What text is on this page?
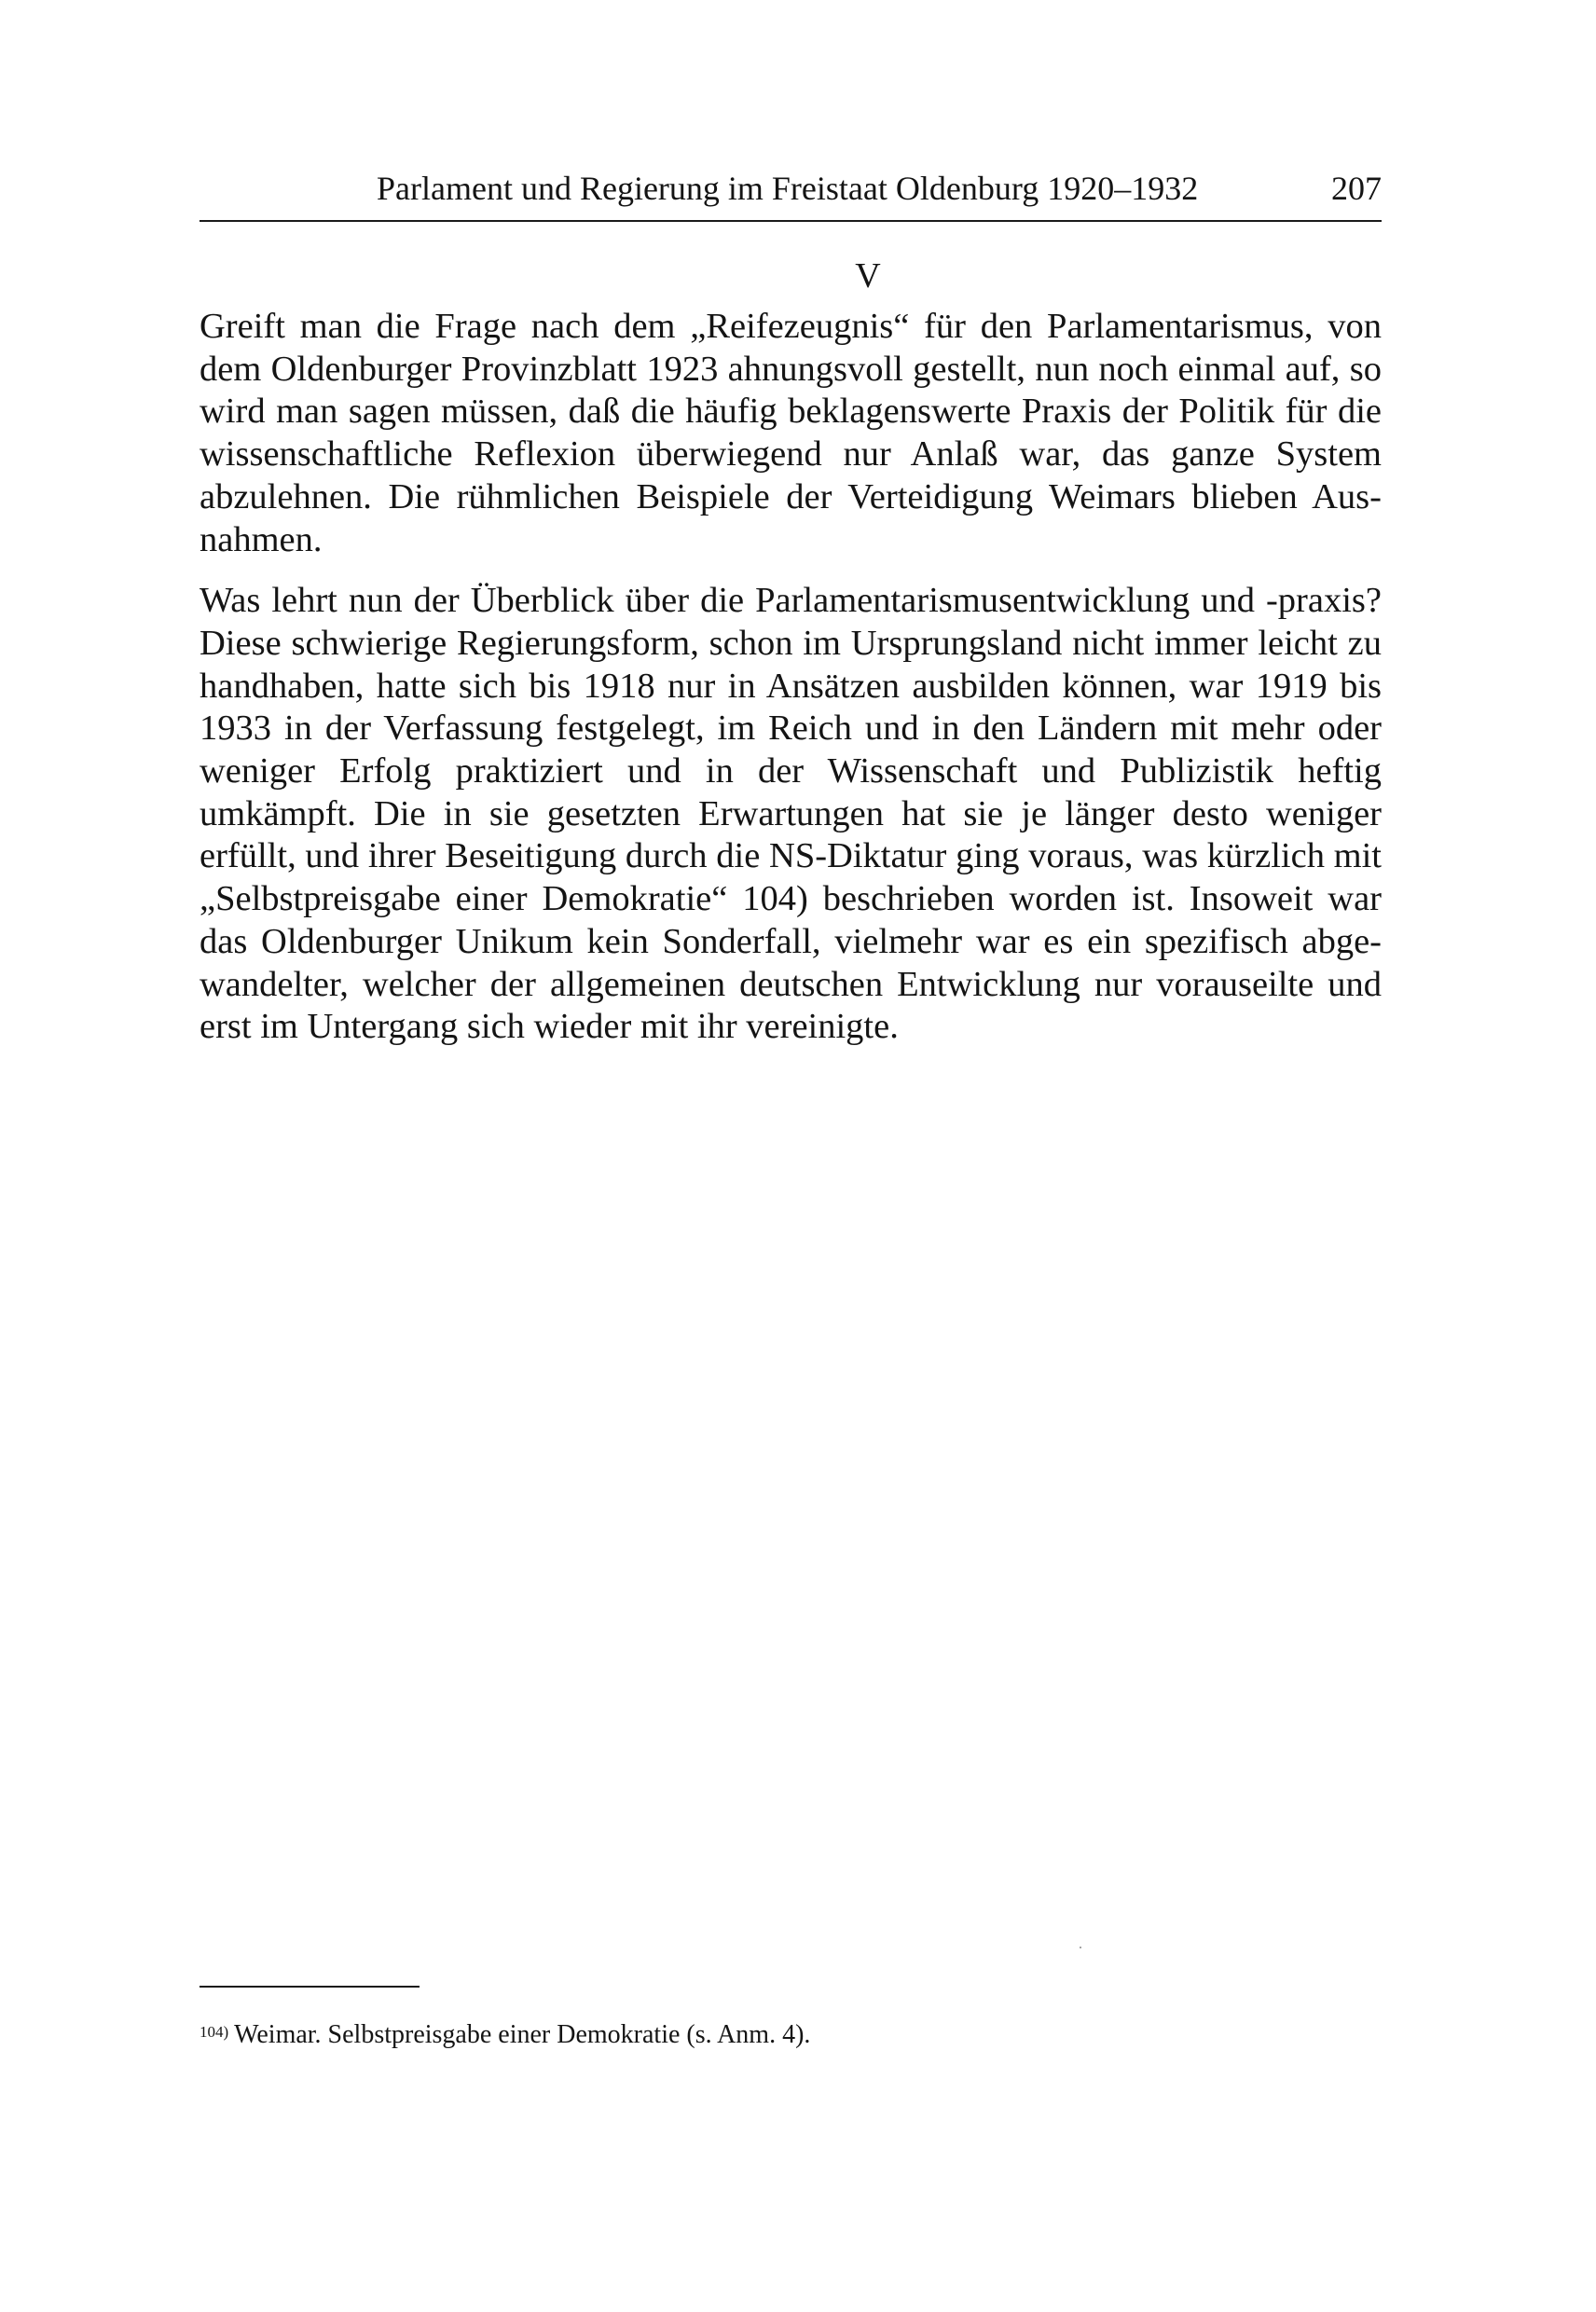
Parlament und Regierung im Freistaat Oldenburg 1920–1932	207
V

Greift man die Frage nach dem „Reifezeugnis“ für den Parlamentarismus, von dem Oldenburger Provinzblatt 1923 ahnungsvoll gestellt, nun noch einmal auf, so wird man sagen müssen, daß die häufig beklagenswerte Praxis der Politik für die wissenschaftliche Reflexion überwiegend nur Anlaß war, das ganze System abzulehnen. Die rühmlichen Beispiele der Verteidigung Weimars blieben Ausnahmen.

Was lehrt nun der Überblick über die Parlamentarismusentwicklung und -praxis? Diese schwierige Regierungsform, schon im Ursprungsland nicht immer leicht zu handhaben, hatte sich bis 1918 nur in Ansätzen ausbilden können, war 1919 bis 1933 in der Verfassung festgelegt, im Reich und in den Ländern mit mehr oder weniger Erfolg praktiziert und in der Wissenschaft und Publizistik heftig umkämpft. Die in sie gesetzten Erwartungen hat sie je länger desto weniger erfüllt, und ihrer Beseitigung durch die NS-Diktatur ging voraus, was kürzlich mit „Selbstpreisgabe einer Demokratie“ 104) beschrieben worden ist. Insoweit war das Oldenburger Unikum kein Sonderfall, vielmehr war es ein spezifisch abgewandelter, welcher der allgemeinen deutschen Entwicklung nur vorauseilte und erst im Untergang sich wieder mit ihr vereinigte.

$^{104)}$ Weimar. Selbstpreisgabe einer Demokratie (s. Anm. 4).
